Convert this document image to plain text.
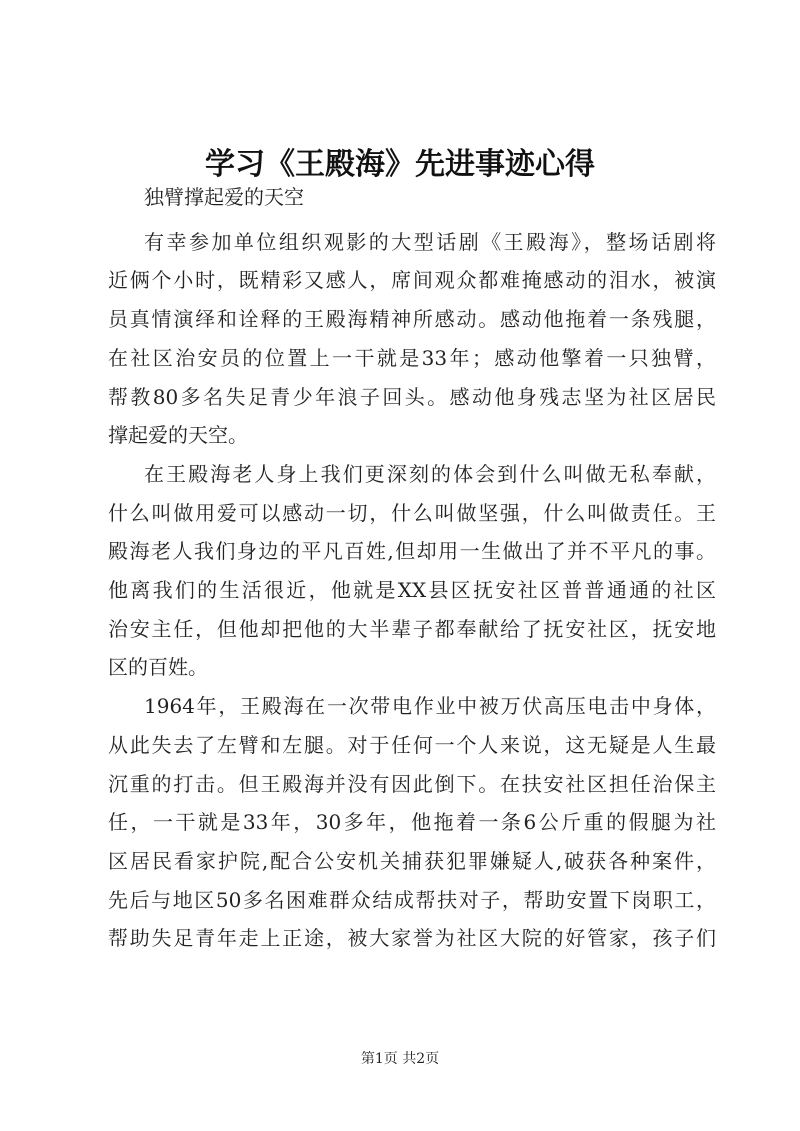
学习《王殿海》先进事迹心得
独臂撑起爱的天空
有幸参加单位组织观影的大型话剧《王殿海》，整场话剧将
近俩个小时，既精彩又感人，席间观众都难掩感动的泪水，被演
员真情演绎和诠释的王殿海精神所感动。感动他拖着一条残腿，
在社区治安员的位置上一干就是33年；感动他擎着一只独臂，
帮教80多名失足青少年浪子回头。感动他身残志坚为社区居民
撑起爱的天空。
在王殿海老人身上我们更深刻的体会到什么叫做无私奉献，
什么叫做用爱可以感动一切，什么叫做坚强，什么叫做责任。王
殿海老人我们身边的平凡百姓,但却用一生做出了并不平凡的事。
他离我们的生活很近，他就是XX县区抚安社区普普通通的社区
治安主任，但他却把他的大半辈子都奉献给了抚安社区，抚安地
区的百姓。
1964年，王殿海在一次带电作业中被万伏高压电击中身体，
从此失去了左臂和左腿。对于任何一个人来说，这无疑是人生最
沉重的打击。但王殿海并没有因此倒下。在扶安社区担任治保主
任，一干就是33年，30多年，他拖着一条6公斤重的假腿为社
区居民看家护院,配合公安机关捕获犯罪嫌疑人,破获各种案件，
先后与地区50多名困难群众结成帮扶对子，帮助安置下岗职工，
帮助失足青年走上正途，被大家誉为社区大院的好管家，孩子们
第1页 共2页
